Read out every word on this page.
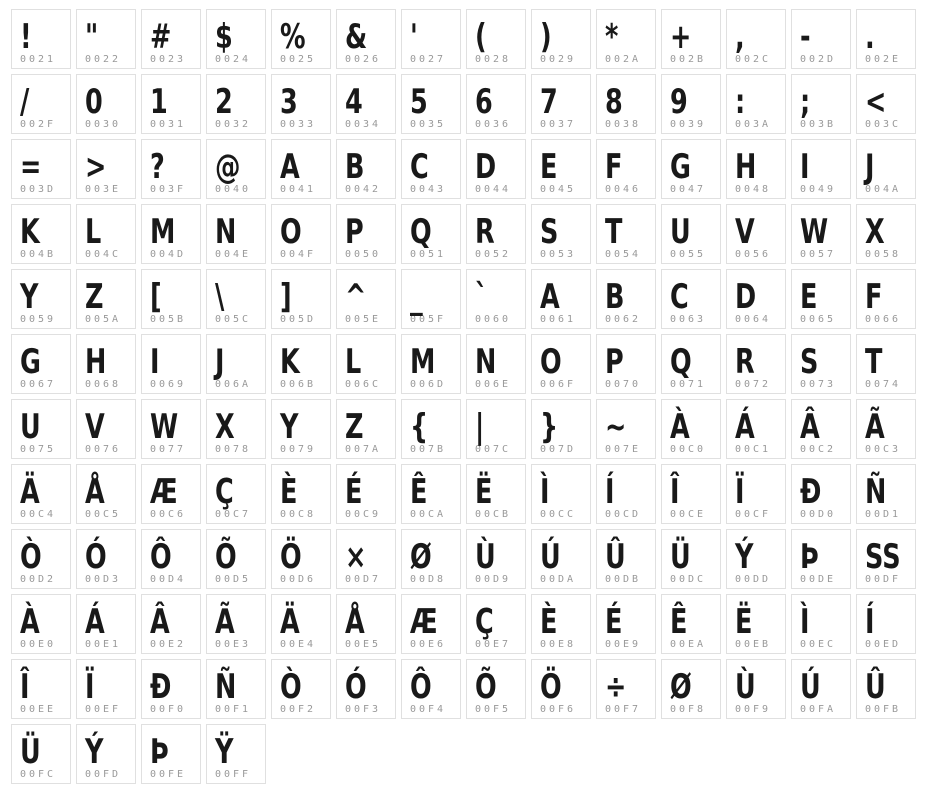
!
0021
"
0022
#
0023
$
0024
%
0025
&
0026
'
0027
(
0028
)
0029
*
002A
+
002B
,
002C
-
002D
.
002E
/
002F
0
0030
1
0031
2
0032
3
0033
4
0034
5
0035
6
0036
7
0037
8
0038
9
0039
:
003A
;
003B
<
003C
=
003D
>
003E
?
003F
@
0040
A
0041
B
0042
C
0043
D
0044
E
0045
F
0046
G
0047
H
0048
I
0049
J
004A
K
004B
L
004C
M
004D
N
004E
O
004F
P
0050
Q
0051
R
0052
S
0053
T
0054
U
0055
V
0056
W
0057
X
0058
Y
0059
Z
005A
[
005B
\
005C
]
005D
^
005E
_
005F
`
0060
A
0061
B
0062
C
0063
D
0064
E
0065
F
0066
G
0067
H
0068
I
0069
J
006A
K
006B
L
006C
M
006D
N
006E
O
006F
P
0070
Q
0071
R
0072
S
0073
T
0074
U
0075
V
0076
W
0077
X
0078
Y
0079
Z
007A
{
007B
|
007C
}
007D
~
007E
À
00C0
Á
00C1
Â
00C2
Ã
00C3
Ä
00C4
Å
00C5
Æ
00C6
Ç
00C7
È
00C8
É
00C9
Ê
00CA
Ë
00CB
Ì
00CC
Í
00CD
Î
00CE
Ï
00CF
Ð
00D0
Ñ
00D1
Ò
00D2
Ó
00D3
Ô
00D4
Õ
00D5
Ö
00D6
×
00D7
Ø
00D8
Ù
00D9
Ú
00DA
Û
00DB
Ü
00DC
Ý
00DD
Þ
00DE
SS
00DF
À
00E0
Á
00E1
Â
00E2
Ã
00E3
Ä
00E4
Å
00E5
Æ
00E6
Ç
00E7
È
00E8
É
00E9
Ê
00EA
Ë
00EB
Ì
00EC
Í
00ED
Î
00EE
Ï
00EF
Ð
00F0
Ñ
00F1
Ò
00F2
Ó
00F3
Ô
00F4
Õ
00F5
Ö
00F6
÷
00F7
Ø
00F8
Ù
00F9
Ú
00FA
Û
00FB
Ü
00FC
Ý
00FD
Þ
00FE
Ÿ
00FF
